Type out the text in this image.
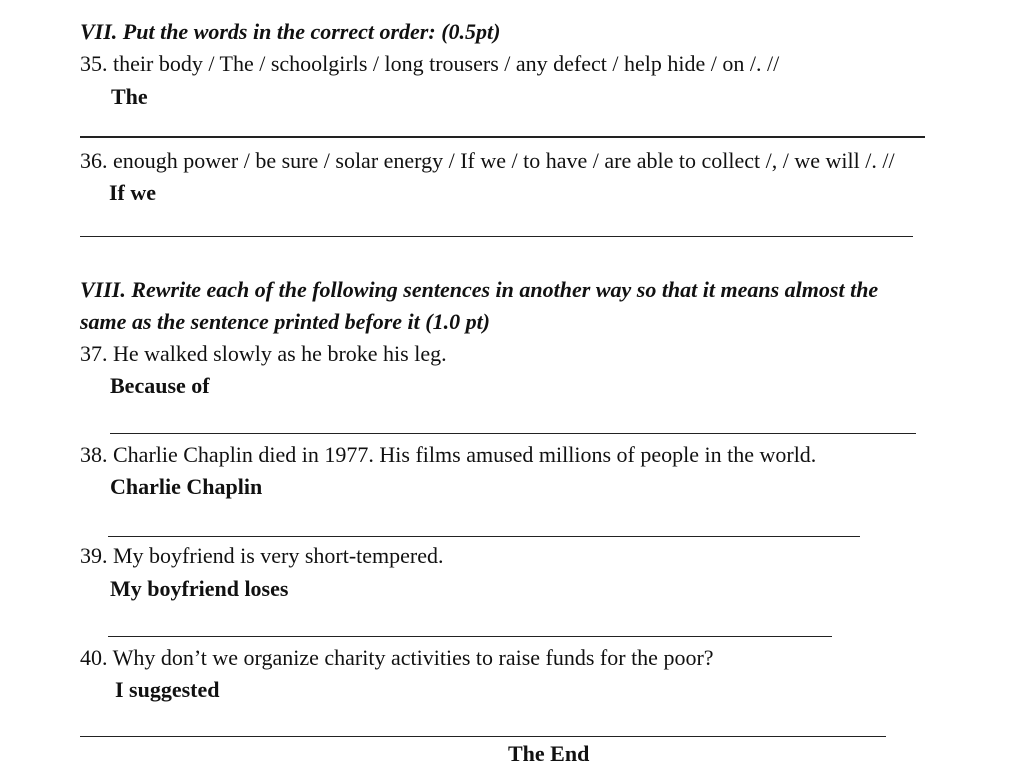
VII. Put the words in the correct order: (0.5pt)
35. their body / The / schoolgirls / long trousers / any defect / help hide / on /. //
The
36. enough power / be sure / solar energy / If we / to have / are able to collect /, / we will /. //
If we
VIII. Rewrite each of the following sentences in another way so that it means almost the
same as the sentence printed before it (1.0 pt)
37. He walked slowly as he broke his leg.
Because of
38. Charlie Chaplin died in 1977. His films amused millions of people in the world.
Charlie Chaplin
39. My boyfriend is very short-tempered.
My boyfriend loses
40. Why don’t we organize charity activities to raise funds for the poor?
I suggested
The End
